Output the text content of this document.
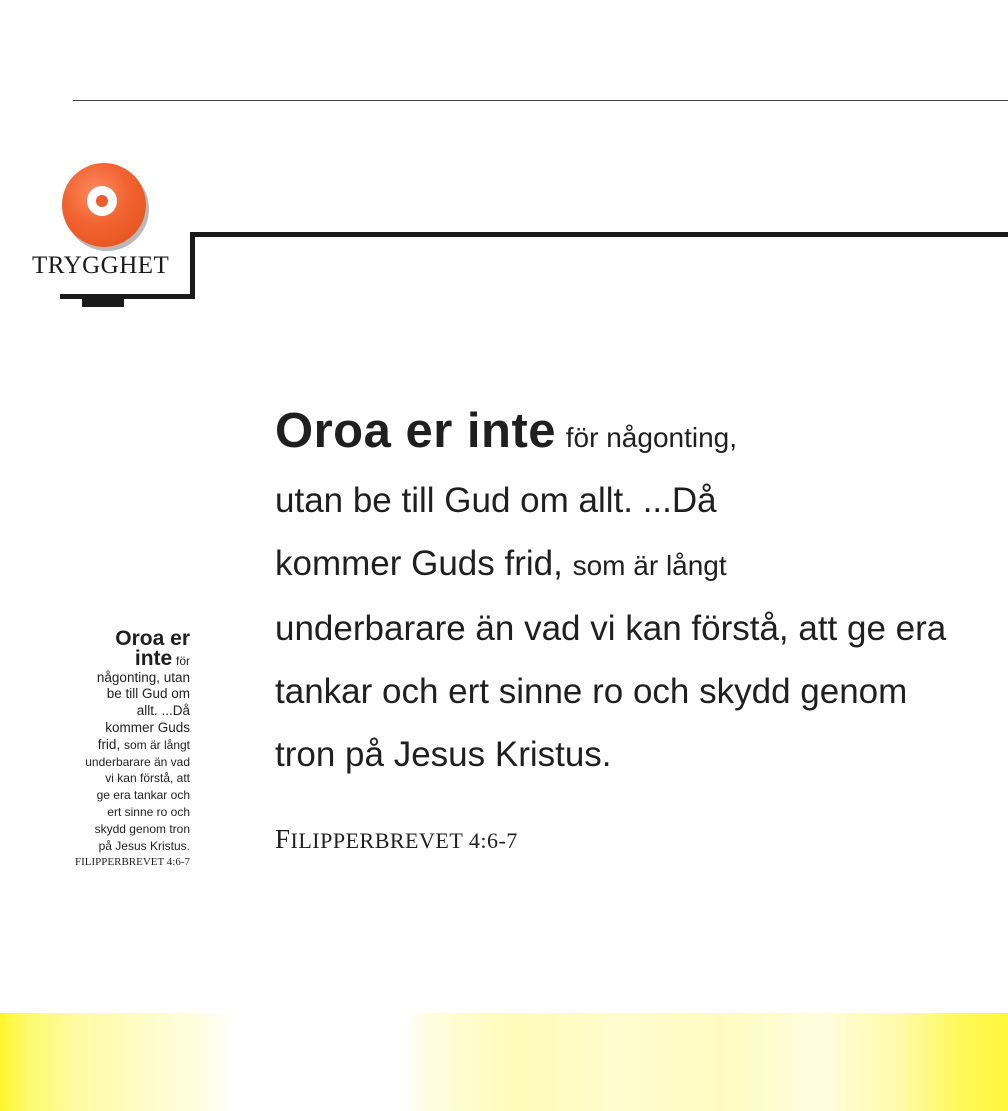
TRYGGHET
Oroa er inte för någonting,
utan be till Gud om allt. ...Då
kommer Guds frid, som är långt
underbarare än vad vi kan förstå, att ge era
tankar och ert sinne ro och skydd genom
tron på Jesus Kristus.
FILIPPERBREVET 4:6-7
Oroa er
inte för
någonting, utan
be till Gud om
allt. ...Då
kommer Guds
frid, som är långt
underbarare än vad
vi kan förstå, att
ge era tankar och
ert sinne ro och
skydd genom tron
på Jesus Kristus.
FILIPPERBREVET 4:6-7
